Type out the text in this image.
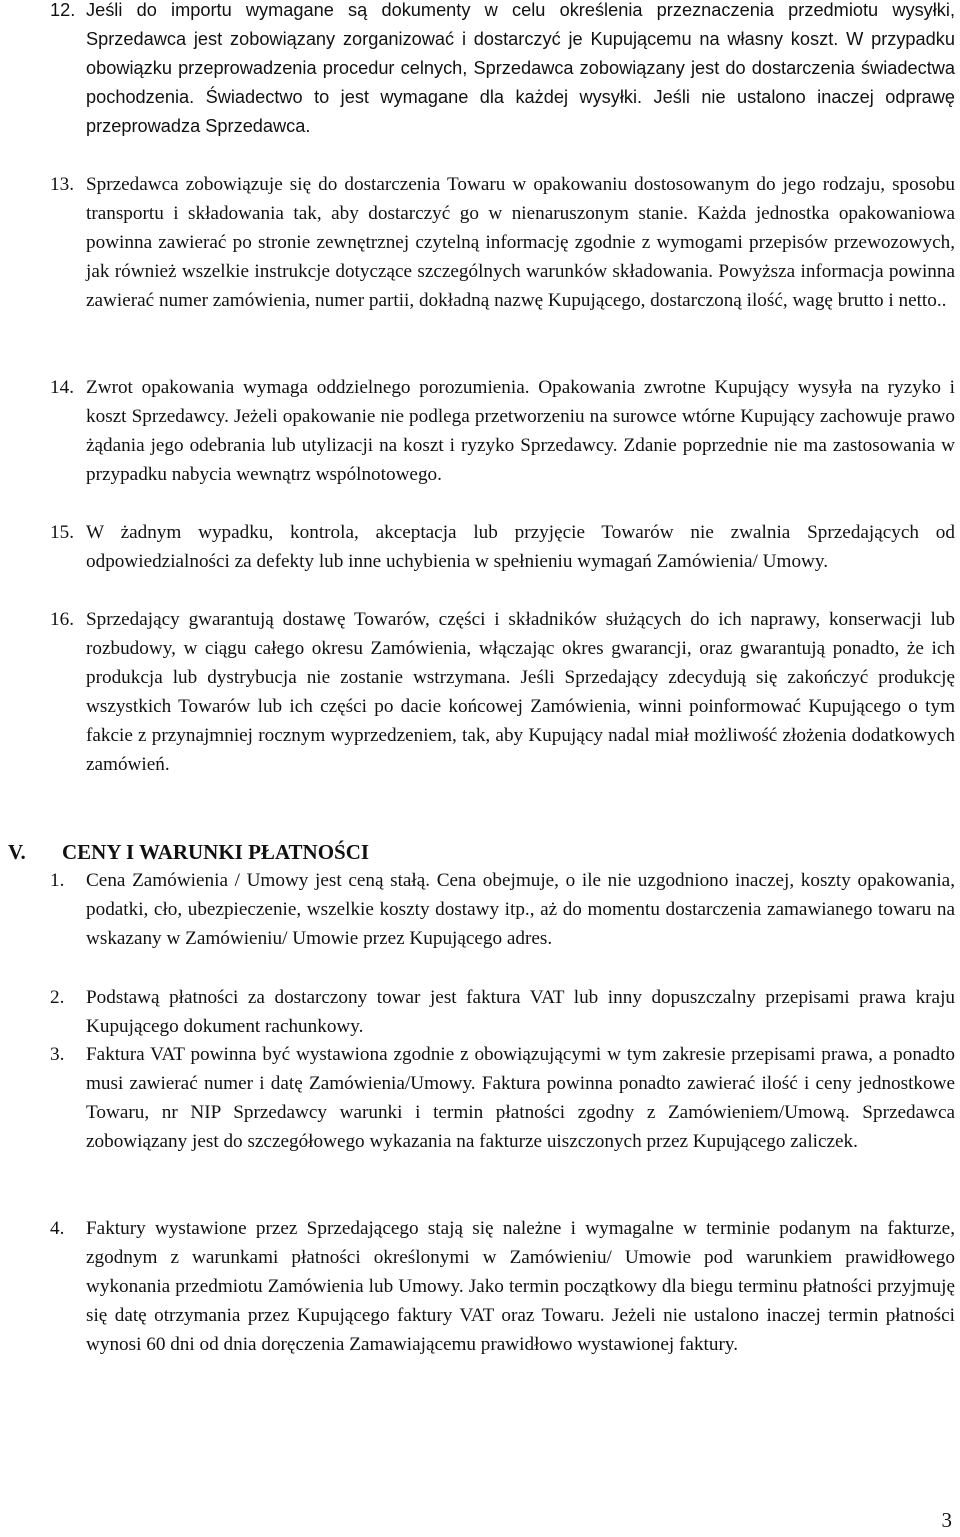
12. Jeśli do importu wymagane są dokumenty w celu określenia przeznaczenia przedmiotu wysyłki, Sprzedawca jest zobowiązany zorganizować i dostarczyć je Kupującemu na własny koszt. W przypadku obowiązku przeprowadzenia procedur celnych, Sprzedawca zobowiązany jest do dostarczenia świadectwa pochodzenia. Świadectwo to jest wymagane dla każdej wysyłki. Jeśli nie ustalono inaczej odprawę przeprowadza Sprzedawca.
13. Sprzedawca zobowiązuje się do dostarczenia Towaru w opakowaniu dostosowanym do jego rodzaju, sposobu transportu i składowania tak, aby dostarczyć go w nienaruszonym stanie. Każda jednostka opakowaniowa powinna zawierać po stronie zewnętrznej czytelną informację zgodnie z wymogami przepisów przewozowych, jak również wszelkie instrukcje dotyczące szczególnych warunków składowania. Powyższa informacja powinna zawierać numer zamówienia, numer partii, dokładną nazwę Kupującego, dostarczoną ilość, wagę brutto i netto..
14. Zwrot opakowania wymaga oddzielnego porozumienia. Opakowania zwrotne Kupujący wysyła na ryzyko i koszt Sprzedawcy. Jeżeli opakowanie nie podlega przetworzeniu na surowce wtórne Kupujący zachowuje prawo żądania jego odebrania lub utylizacji na koszt i ryzyko Sprzedawcy. Zdanie poprzednie nie ma zastosowania w przypadku nabycia wewnątrz wspólnotowego.
15. W żadnym wypadku, kontrola, akceptacja lub przyjęcie Towarów nie zwalnia Sprzedających od odpowiedzialności za defekty lub inne uchybienia w spełnieniu wymagań Zamówienia/ Umowy.
16. Sprzedający gwarantują dostawę Towarów, części i składników służących do ich naprawy, konserwacji lub rozbudowy, w ciągu całego okresu Zamówienia, włączając okres gwarancji, oraz gwarantują ponadto, że ich produkcja lub dystrybucja nie zostanie wstrzymana. Jeśli Sprzedający zdecydują się zakończyć produkcję wszystkich Towarów lub ich części po dacie końcowej Zamówienia, winni poinformować Kupującego o tym fakcie z przynajmniej rocznym wyprzedzeniem, tak, aby Kupujący nadal miał możliwość złożenia dodatkowych zamówień.
V. CENY I WARUNKI PŁATNOŚCI
1.	Cena Zamówienia / Umowy jest ceną stałą. Cena obejmuje, o ile nie uzgodniono inaczej, koszty opakowania, podatki, cło, ubezpieczenie, wszelkie koszty dostawy itp., aż do momentu dostarczenia zamawianego towaru na wskazany w Zamówieniu/ Umowie przez Kupującego adres.
2.	Podstawą płatności za dostarczony towar jest faktura VAT lub inny dopuszczalny przepisami prawa kraju Kupującego dokument rachunkowy.
3.	Faktura VAT powinna być wystawiona zgodnie z obowiązującymi w tym zakresie przepisami prawa, a ponadto musi zawierać numer i datę Zamówienia/Umowy. Faktura powinna ponadto zawierać ilość i ceny jednostkowe Towaru, nr NIP Sprzedawcy warunki i termin płatności zgodny z Zamówieniem/Umową. Sprzedawca zobowiązany jest do szczegółowego wykazania na fakturze uiszczonych przez Kupującego zaliczek.
4.	Faktury wystawione przez Sprzedającego stają się należne i wymagalne w terminie podanym na fakturze, zgodnym z warunkami płatności określonymi w Zamówieniu/ Umowie pod warunkiem prawidłowego wykonania przedmiotu Zamówienia lub Umowy. Jako termin początkowy dla biegu terminu płatności przyjmuję się datę otrzymania przez Kupującego faktury VAT oraz Towaru. Jeżeli nie ustalono inaczej termin płatności wynosi 60 dni od dnia doręczenia Zamawiającemu prawidłowo wystawionej faktury.
3
